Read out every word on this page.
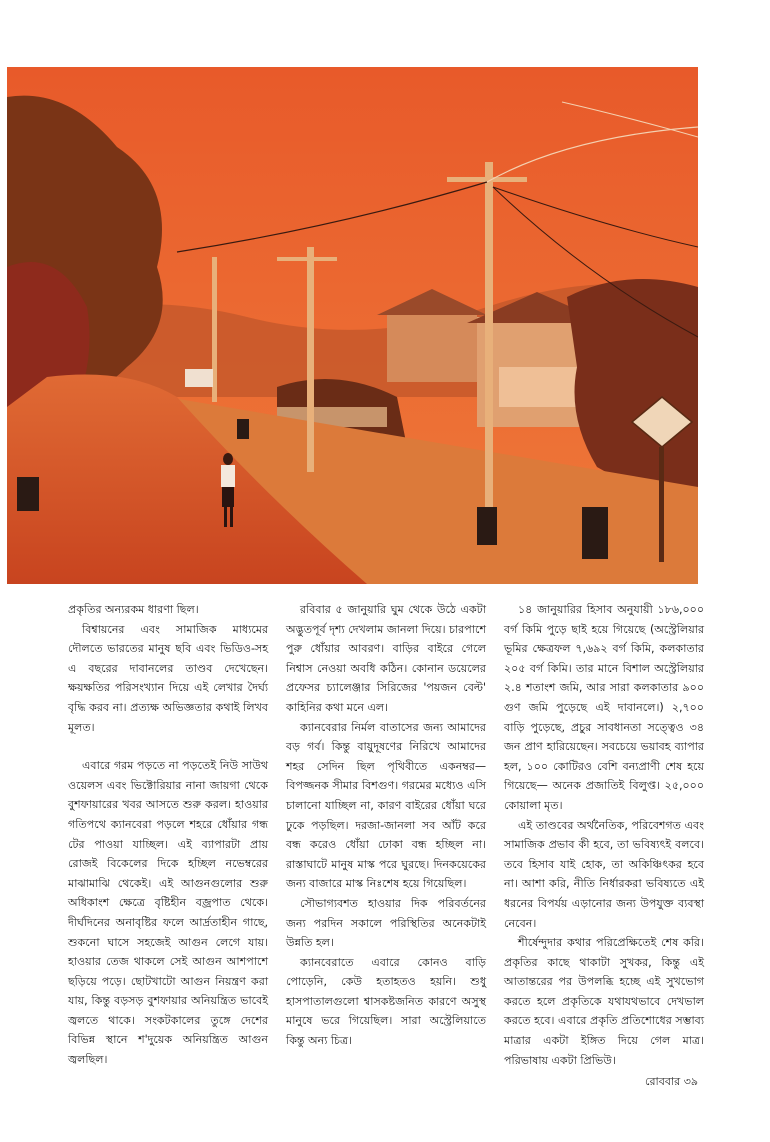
প্রকৃতির অন্যরকম ধারণা ছিল।

বিশ্বায়নের এবং সামাজিক মাধ্যমের দৌলতে ভারতের মানুষ ছবি এবং ভিডিও-সহ এ বছরের দাবানলের তাণ্ডব দেখেছেন। ক্ষয়ক্ষতির পরিসংখ্যান দিয়ে এই লেখার দৈর্ঘ্য বৃদ্ধি করব না। প্রত্যক্ষ অভিজ্ঞতার কথাই লিখব মূলত।

এবারে গরম পড়তে না পড়তেই নিউ সাউথ ওয়েলস এবং ভিক্টোরিয়ার নানা জায়গা থেকে বুশফায়ারের খবর আসতে শুরু করল। হাওয়ার গতিপথে ক্যানবেরা পড়লে শহরে ধোঁয়ার গন্ধ টের পাওয়া যাচ্ছিল। এই ব্যাপারটা প্রায় রোজই বিকেলের দিকে হচ্ছিল নভেম্বরের মাঝামাঝি থেকেই। এই আগুনগুলোর শুরু অধিকাংশ ক্ষেত্রে বৃষ্টিহীন বজ্রপাত থেকে। দীর্ঘদিনের অনাবৃষ্টির ফলে আর্দ্রতাহীন গাছে, শুকনো ঘাসে সহজেই আগুন লেগে যায়। হাওয়ার তেজ থাকলে সেই আগুন আশপাশে ছড়িয়ে পড়ে। ছোটখাটো আগুন নিয়ন্ত্রণ করা যায়, কিন্তু বড়সড় বুশফায়ার অনিয়ন্ত্রিত ভাবেই জ্বলতে থাকে। সংকটকালের তুঙ্গে দেশের বিভিন্ন স্থানে শ'দুয়েক অনিয়ন্ত্রিত আগুন জ্বলছিল।

রবিবার ৫ জানুয়ারি ঘুম থেকে উঠে একটা অদ্ভুতপূর্ব দৃশ্য দেখলাম জানলা দিয়ে। চারপাশে পুরু ধোঁয়ার আবরণ। বাড়ির বাইরে গেলে নিশ্বাস নেওয়া অবধি কঠিন। কোনান ডয়েলের প্রফেসর চ্যালেঞ্জার সিরিজের 'পয়জন বেল্ট' কাহিনির কথা মনে এল।

ক্যানবেরার নির্মল বাতাসের জন্য আমাদের বড় গর্ব। কিন্তু বায়ুদূষণের নিরিখে আমাদের শহর সেদিন ছিল পৃথিবীতে একনম্বর— বিপজ্জনক সীমার বিশগুণ। গরমের মধ্যেও এসি চালানো যাচ্ছিল না, কারণ বাইরের ধোঁয়া ঘরে ঢুকে পড়ছিল। দরজা-জানলা সব আঁট করে বন্ধ করেও ধোঁয়া ঢোকা বন্ধ হচ্ছিল না। রাস্তাঘাটে মানুষ মাস্ক পরে ঘুরছে। দিনকয়েকের জন্য বাজারে মাস্ক নিঃশেষ হয়ে গিয়েছিল।

সৌভাগ্যবশত হাওয়ার দিক পরিবর্তনের জন্য পরদিন সকালে পরিস্থিতির অনেকটাই উন্নতি হল।

ক্যানবেরাতে এবারে কোনও বাড়ি পোড়েনি, কেউ হতাহতও হয়নি। শুধু হাসপাতালগুলো শ্বাসকষ্টজনিত কারণে অসুস্থ মানুষে ভরে গিয়েছিল। সারা অস্ট্রেলিয়াতে কিন্তু অন্য চিত্র।

১৪ জানুয়ারির হিসাব অনুযায়ী ১৮৬,০০০ বর্গ কিমি পুড়ে ছাই হয়ে গিয়েছে (অস্ট্রেলিয়ার ভূমির ক্ষেত্রফল ৭,৬৯২ বর্গ কিমি, কলকাতার ২০৫ বর্গ কিমি। তার মানে বিশাল অস্ট্রেলিয়ার ২.৪ শতাংশ জমি, আর সারা কলকাতার ৯০০ গুণ জমি পুড়েছে এই দাবানলে।) ২,৭০০ বাড়ি পুড়েছে, প্রচুর সাবধানতা সত্ত্বেও ৩৪ জন প্রাণ হারিয়েছেন। সবচেয়ে ভয়াবহ ব্যাপার হল, ১০০ কোটিরও বেশি বন্যপ্রাণী শেষ হয়ে গিয়েছে— অনেক প্রজাতিই বিলুপ্ত। ২৫,০০০ কোয়ালা মৃত।

এই তাণ্ডবের অর্থনৈতিক, পরিবেশগত এবং সামাজিক প্রভাব কী হবে, তা ভবিষ্যৎই বলবে। তবে হিসাব যাই হোক, তা অকিঞ্চিৎকর হবে না। আশা করি, নীতি নির্ধারকরা ভবিষ্যতে এই ধরনের বিপর্যয় এড়ানোর জন্য উপযুক্ত ব্যবস্থা নেবেন।

শীর্ষেন্দুদার কথার পরিপ্রেক্ষিতেই শেষ করি। প্রকৃতির কাছে থাকাটা সুখকর, কিন্তু এই আতান্তরের পর উপলব্ধি হচ্ছে এই সুখভোগ করতে হলে প্রকৃতিকে যথাযথভাবে দেখভাল করতে হবে। এবারে প্রকৃতি প্রতিশোধের সম্ভাব্য মাত্রার একটা ইঙ্গিত দিয়ে গেল মাত্র। পরিভাষায় একটা প্রিভিউ।

রোববার ৩৯
